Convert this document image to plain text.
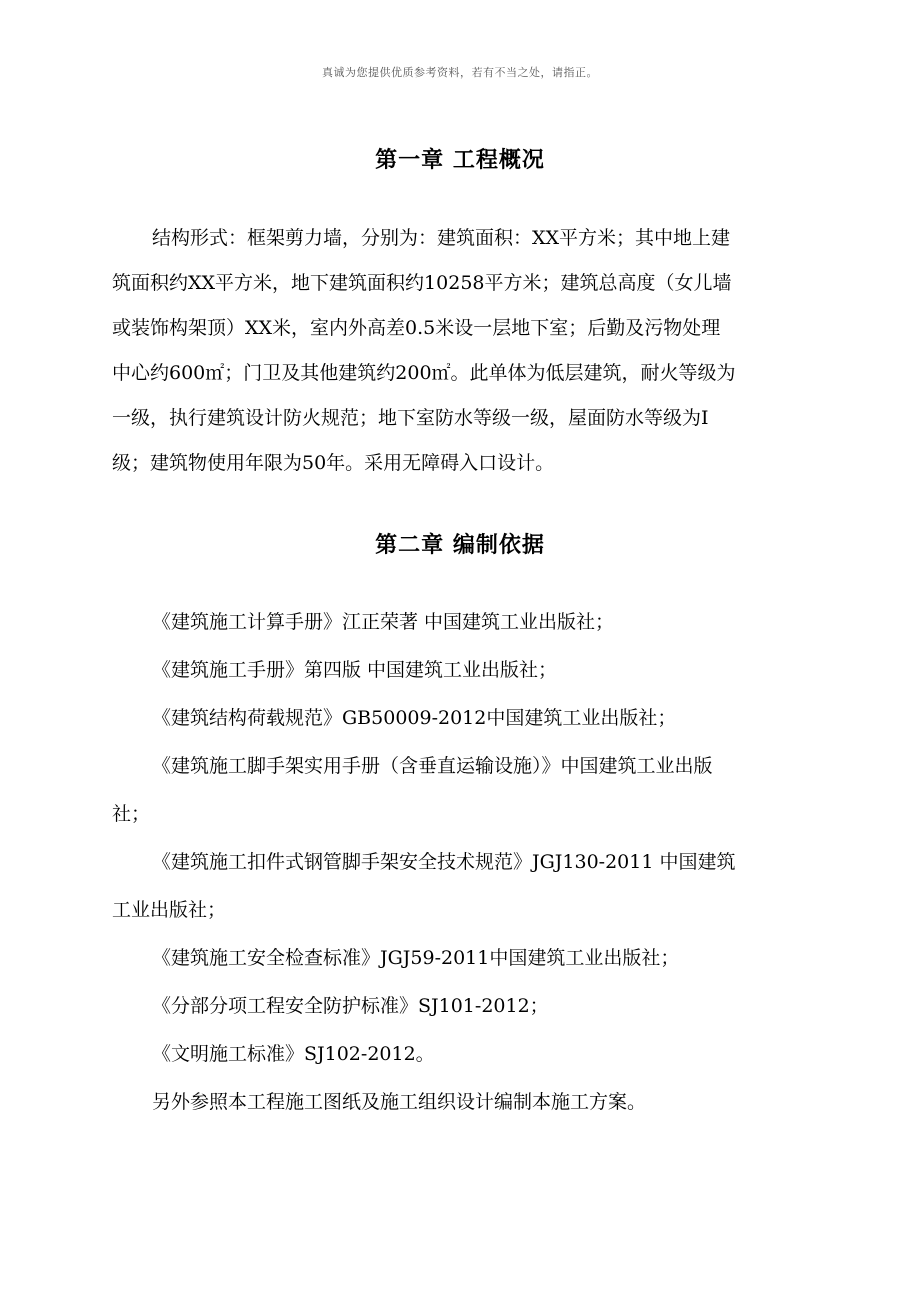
真诚为您提供优质参考资料，若有不当之处，请指正。
第一章 工程概况
结构形式：框架剪力墙，分别为：建筑面积：XX平方米；其中地上建
筑面积约XX平方米，地下建筑面积约10258平方米；建筑总高度（女儿墙
或装饰构架顶）XX米，室内外高差0.5米设一层地下室；后勤及污物处理
中心约600㎡；门卫及其他建筑约200㎡。此单体为低层建筑，耐火等级为
一级，执行建筑设计防火规范；地下室防水等级一级，屋面防水等级为Ⅰ
级；建筑物使用年限为50年。采用无障碍入口设计。
第二章 编制依据
《建筑施工计算手册》江正荣著 中国建筑工业出版社；
《建筑施工手册》第四版 中国建筑工业出版社；
《建筑结构荷载规范》GB50009-2012中国建筑工业出版社；
《建筑施工脚手架实用手册（含垂直运输设施）》中国建筑工业出版
社；
《建筑施工扣件式钢管脚手架安全技术规范》JGJ130-2011 中国建筑
工业出版社；
《建筑施工安全检查标准》JGJ59-2011中国建筑工业出版社；
《分部分项工程安全防护标准》SJ101-2012；
《文明施工标准》SJ102-2012。
另外参照本工程施工图纸及施工组织设计编制本施工方案。
